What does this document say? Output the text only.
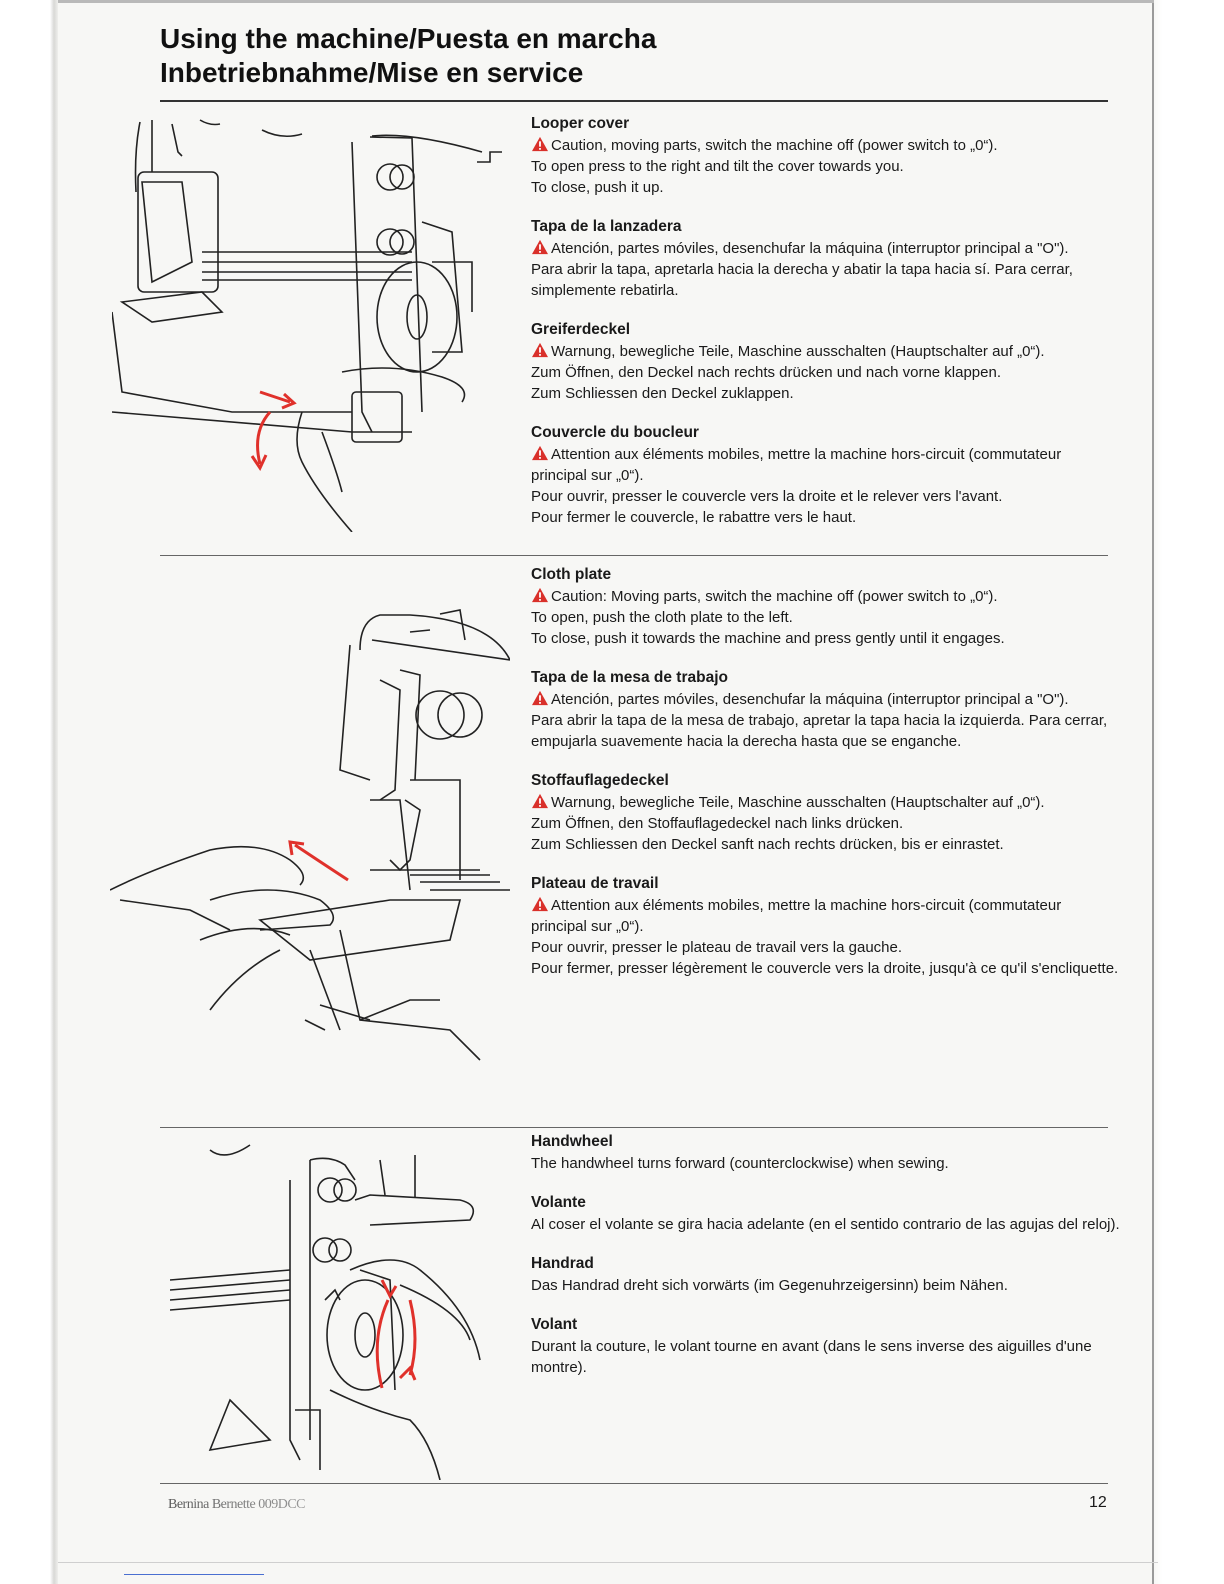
Using the machine/Puesta en marcha
Inbetriebnahme/Mise en service
Looper cover

Caution, moving parts, switch the machine off (power switch to „0“).

To open press to the right and tilt the cover towards you.

To close, push it up.

Tapa de la lanzadera

Atención, partes móviles, desenchufar la máquina (interruptor principal a "O").

Para abrir la tapa, apretarla hacia la derecha y abatir la tapa hacia sí. Para cerrar, simplemente rebatirla.

Greiferdeckel

Warnung, bewegliche Teile, Maschine ausschalten (Hauptschalter auf „0“).

Zum Öffnen, den Deckel nach rechts drücken und nach vorne klappen.

Zum Schliessen den Deckel zuklappen.

Couvercle du boucleur

Attention aux éléments mobiles, mettre la machine hors-circuit (commutateur principal sur „0“).

Pour ouvrir, presser le couvercle vers la droite et le relever vers l'avant.

Pour fermer le couvercle, le rabattre vers le haut.

Cloth plate

Caution: Moving parts, switch the machine off (power switch to „0“).

To open, push the cloth plate to the left.

To close, push it towards the machine and press gently until it engages.

Tapa de la mesa de trabajo

Atención, partes móviles, desenchufar la máquina (interruptor principal a "O").

Para abrir la tapa de la mesa de trabajo, apretar la tapa hacia la izquierda. Para cerrar, empujarla suavemente hacia la derecha hasta que se enganche.

Stoffauflagedeckel

Warnung, bewegliche Teile, Maschine ausschalten (Hauptschalter auf „0“).

Zum Öffnen, den Stoffauflagedeckel nach links drücken.

Zum Schliessen den Deckel sanft nach rechts drücken, bis er einrastet.

Plateau de travail

Attention aux éléments mobiles, mettre la machine hors-circuit (commutateur principal sur „0“).

Pour ouvrir, presser le plateau de travail vers la gauche.

Pour fermer, presser légèrement le couvercle vers la droite, jusqu'à ce qu'il s'encliquette.

Handwheel

The handwheel turns forward (counterclockwise) when sewing.

Volante

Al coser el volante se gira hacia adelante (en el sentido contrario de las agujas del reloj).

Handrad

Das Handrad dreht sich vorwärts (im Gegenuhrzeigersinn) beim Nähen.

Volant

Durant la couture, le volant tourne en avant (dans le sens inverse des aiguilles d'une montre).

Bernina Bernette 009DCC	12
